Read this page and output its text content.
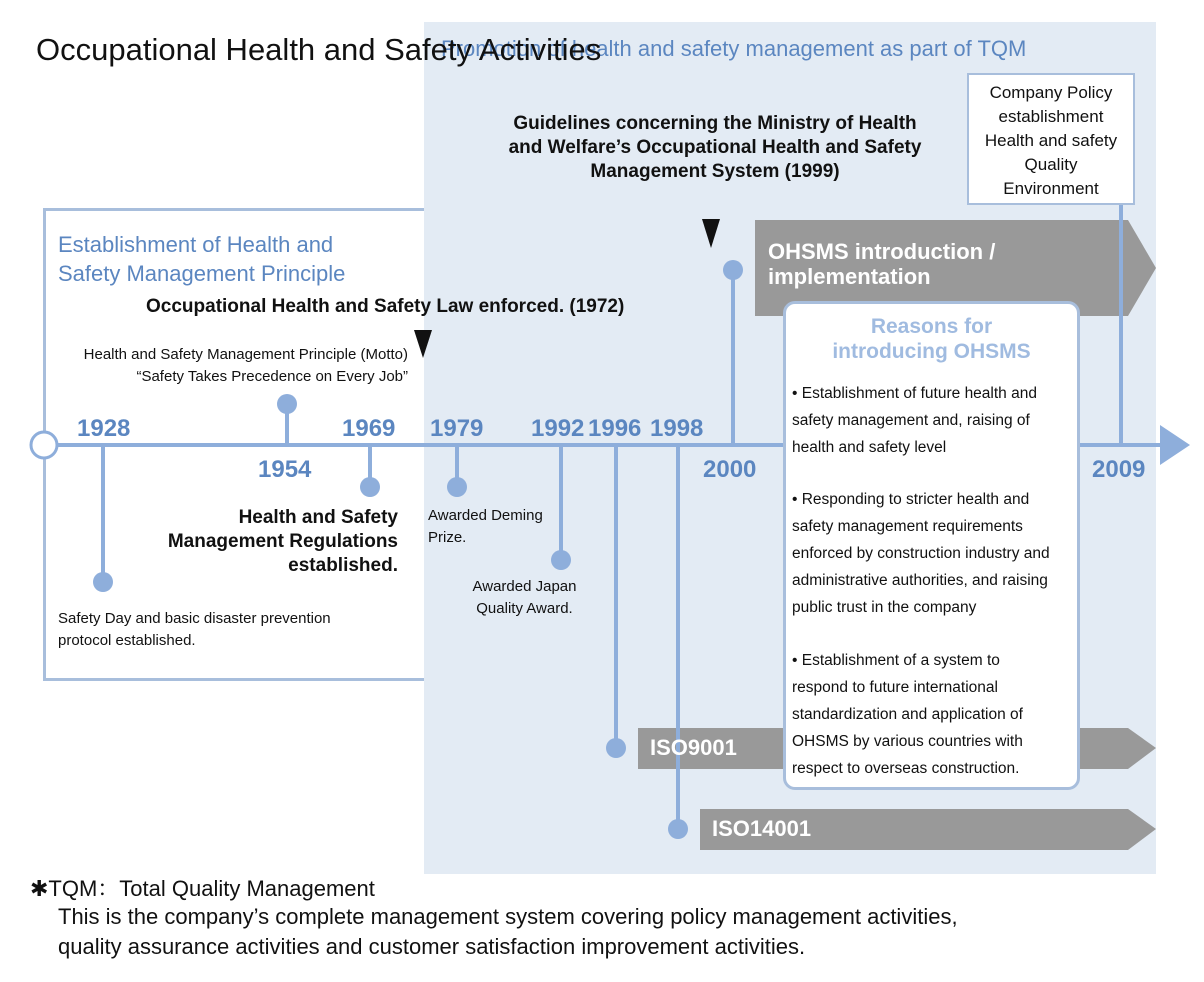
Promotion of health and safety management as part of TQM
Occupational Health and Safety Activities
Establishment of Health and Safety Management Principle
Occupational Health and Safety Law enforced. (1972)
Health and Safety Management Principle (Motto)
“Safety Takes Precedence on Every Job”
Guidelines concerning the Ministry of Health and Welfare’s Occupational Health and Safety Management System (1999)
Company Policy
establishment
Health and safety
Quality
Environment
OHSMS introduction / implementation
ISO9001
ISO14001
1928
1954
1969 1979 1992 1996 1998
2000	2009
Safety Day and basic disaster prevention protocol established.
Health and Safety Management Regulations established.
Awarded Deming Prize.
Awarded Japan Quality Award.
Reasons for introducing OHSMS
• Establishment of future health and safety management and, raising of health and safety level
• Responding to stricter health and safety management requirements enforced by construction industry and administrative authorities, and raising public trust in the company
• Establishment of a system to respond to future international standardization and application of OHSMS by various countries with respect to overseas construction.
✱TQM：Total Quality Management
This is the company’s complete management system covering policy management activities,
quality assurance activities and customer satisfaction improvement activities.
